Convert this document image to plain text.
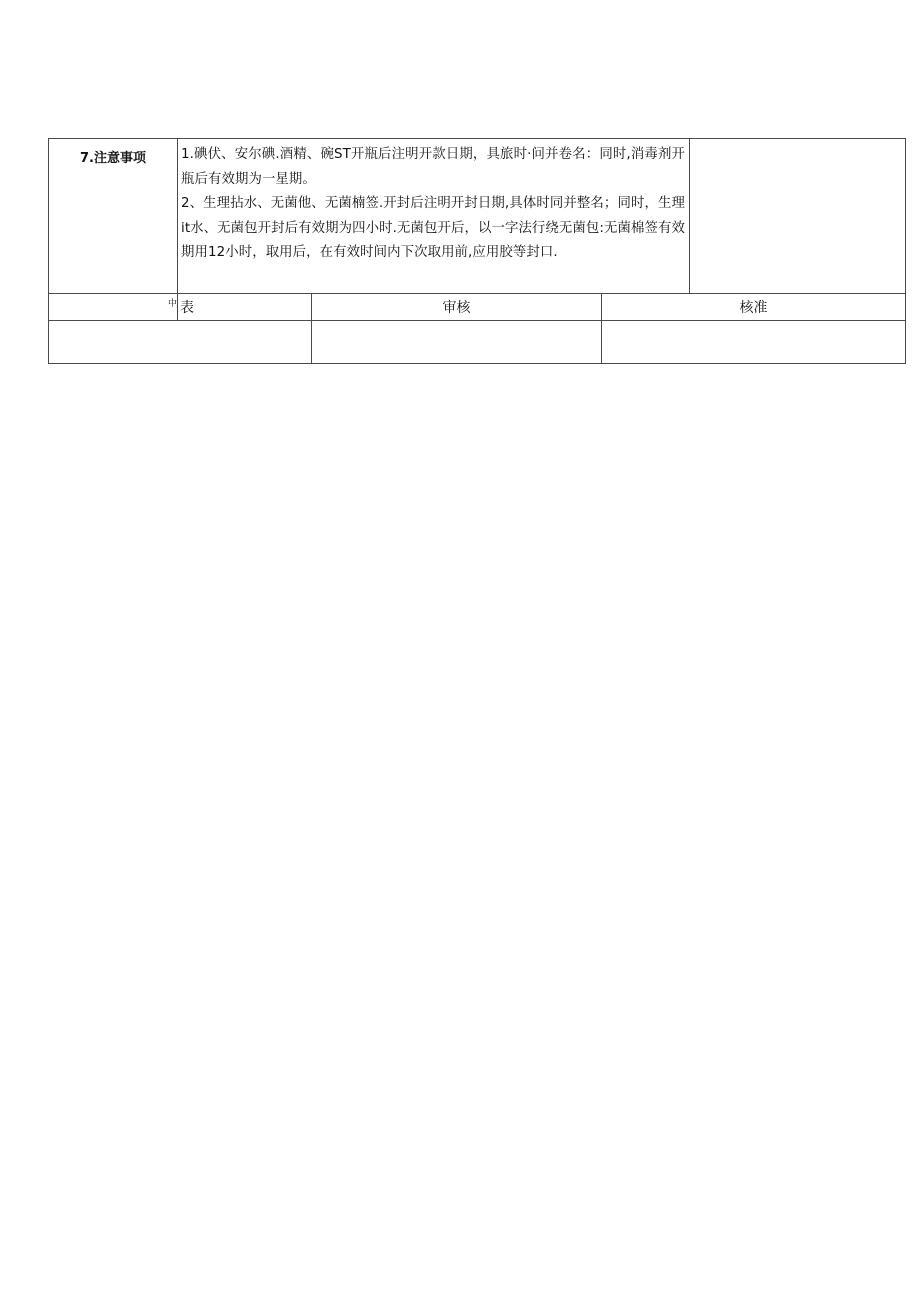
7.注意事项	1.碘伏、安尔碘.酒精、碗ST开瓶后注明开款日期，具旅时·问并卷名：同时,消毒剂开瓶后有效期为一星期。

2、生理拈水、无菌他、无菌楠签.开封后注明开封日期,具体时同并整名；同时，生理it水、无菌包开封后有效期为四小时.无菌包开后，以一字法行绕无菌包:无菌棉签有效期用12小时，取用后，在有效时间内下次取用前,应用胶等封口.			

中 表		审核	核准	
